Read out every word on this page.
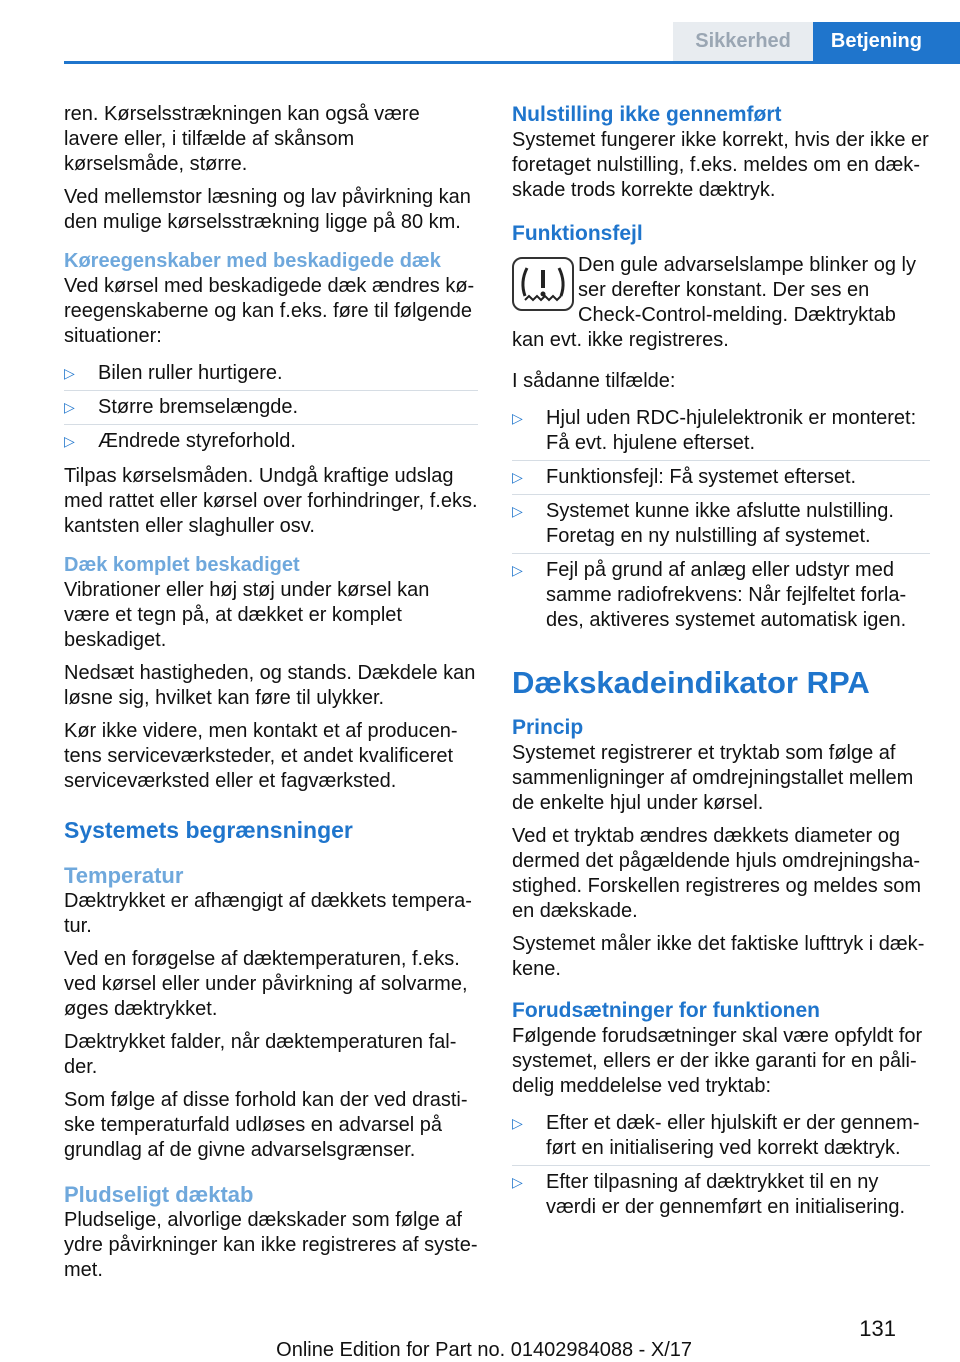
Sikkerhed	Betjening

ren. Kørselsstrækningen kan også være lavere eller, i tilfælde af skånsom kørselsmåde, større.

Ved mellemstor læsning og lav påvirkning kan den mulige kørselsstrækning ligge på 80 km.

Køreegenskaber med beskadigede dæk

Ved kørsel med beskadigede dæk ændres køreegenskaberne og kan f.eks. føre til følgende situationer:

▷	Bilen ruller hurtigere.
▷	Større bremselængde.
▷	Ændrede styreforhold.

Tilpas kørselsmåden. Undgå kraftige udslag med rattet eller kørsel over forhindringer, f.eks. kantsten eller slaghuller osv.

Dæk komplet beskadiget

Vibrationer eller høj støj under kørsel kan være et tegn på, at dækket er komplet beskadiget.

Nedsæt hastigheden, og stands. Dækdele kan løsne sig, hvilket kan føre til ulykker.

Kør ikke videre, men kontakt et af producentens serviceværksteder, et andet kvalificeret serviceværksted eller et fagværksted.

Systemets begrænsninger
Temperatur

Dæktrykket er afhængigt af dækkets temperatur.

Ved en forøgelse af dæktemperaturen, f.eks. ved kørsel eller under påvirkning af solvarme, øges dæktrykket.

Dæktrykket falder, når dæktemperaturen falder.

Som følge af disse forhold kan der ved drastiske temperaturfald udløses en advarsel på grundlag af de givne advarselsgrænser.

Pludseligt dæktab

Pludselige, alvorlige dækskader som følge af ydre påvirkninger kan ikke registreres af systemet.

Nulstilling ikke gennemført

Systemet fungerer ikke korrekt, hvis der ikke er foretaget nulstilling, f.eks. meldes om en dækskade trods korrekte dæktryk.

Funktionsfejl

Den gule advarselslampe blinker og ly
ser derefter konstant. Der ses en
Check-Control-melding. Dæktryktab
kan evt. ikke registreres.

I sådanne tilfælde:

▷	Hjul uden RDC-hjulelektronik er monteret: Få evt. hjulene efterset.
▷	Funktionsfejl: Få systemet efterset.
▷	Systemet kunne ikke afslutte nulstilling. Foretag en ny nulstilling af systemet.
▷	Fejl på grund af anlæg eller udstyr med samme radiofrekvens: Når fejlfeltet forlades, aktiveres systemet automatisk igen.
Dækskadeindikator RPA
Princip

Systemet registrerer et tryktab som følge af sammenligninger af omdrejningstallet mellem de enkelte hjul under kørsel.

Ved et tryktab ændres dækkets diameter og dermed det pågældende hjuls omdrejningshastighed. Forskellen registreres og meldes som en dækskade.

Systemet måler ikke det faktiske lufttryk i dækkene.

Forudsætninger for funktionen

Følgende forudsætninger skal være opfyldt for systemet, ellers er der ikke garanti for en pålidelig meddelelse ved tryktab:

▷	Efter et dæk- eller hjulskift er der gennemført en initialisering ved korrekt dæktryk.
▷	Efter tilpasning af dæktrykket til en ny værdi er der gennemført en initialisering.
131
Online Edition for Part no. 01402984088 - X/17
